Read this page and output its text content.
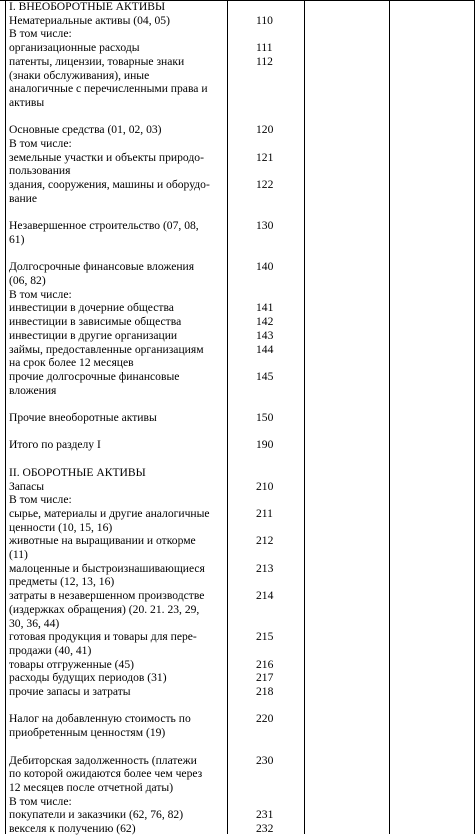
I. ВНЕОБОРОТНЫЕ АКТИВЫ
Нематериальные активы (04, 05)
В том числе:
организационные расходы
патенты, лицензии, товарные знаки
(знаки обслуживания), иные
аналогичные с перечисленными права и
активы
Основные средства (01, 02, 03)
В том числе:
земельные участки и объекты природо-
пользования
здания, сооружения, машины и оборудо-
вание
Незавершенное строительство (07, 08,
61)
Долгосрочные финансовые вложения
(06, 82)
В том числе:
инвестиции в дочерние общества
инвестиции в зависимые общества
инвестиции в другие организации
займы, предоставленные организациям
на срок более 12 месяцев
прочие долгосрочные финансовые
вложения
Прочие внеоборотные активы
Итого по разделу I
II. ОБОРОТНЫЕ АКТИВЫ
Запасы
В том числе:
сырье, материалы и другие аналогичные
ценности (10, 15, 16)
животные на выращивании и откорме
(11)
малоценные и быстроизнашивающиеся
предметы (12, 13, 16)
затраты в незавершенном производстве
(издержках обращения) (20. 21. 23, 29,
30, 36, 44)
готовая продукция и товары для пере-
продажи (40, 41)
товары отгруженные (45)
расходы будущих периодов (31)
прочие запасы и затраты
Налог на добавленную стоимость по
приобретенным ценностям (19)
Дебиторская задолженность (платежи
по которой ожидаются более чем через
12 месяцев после отчетной даты)
В том числе:
покупатели и заказчики (62, 76, 82)
векселя к получению (62)
110
111
112
120
121
122
130
140
141
142
143
144
145
150
190
210
211
212
213
214
215
216
217
218
220
230
231
232
